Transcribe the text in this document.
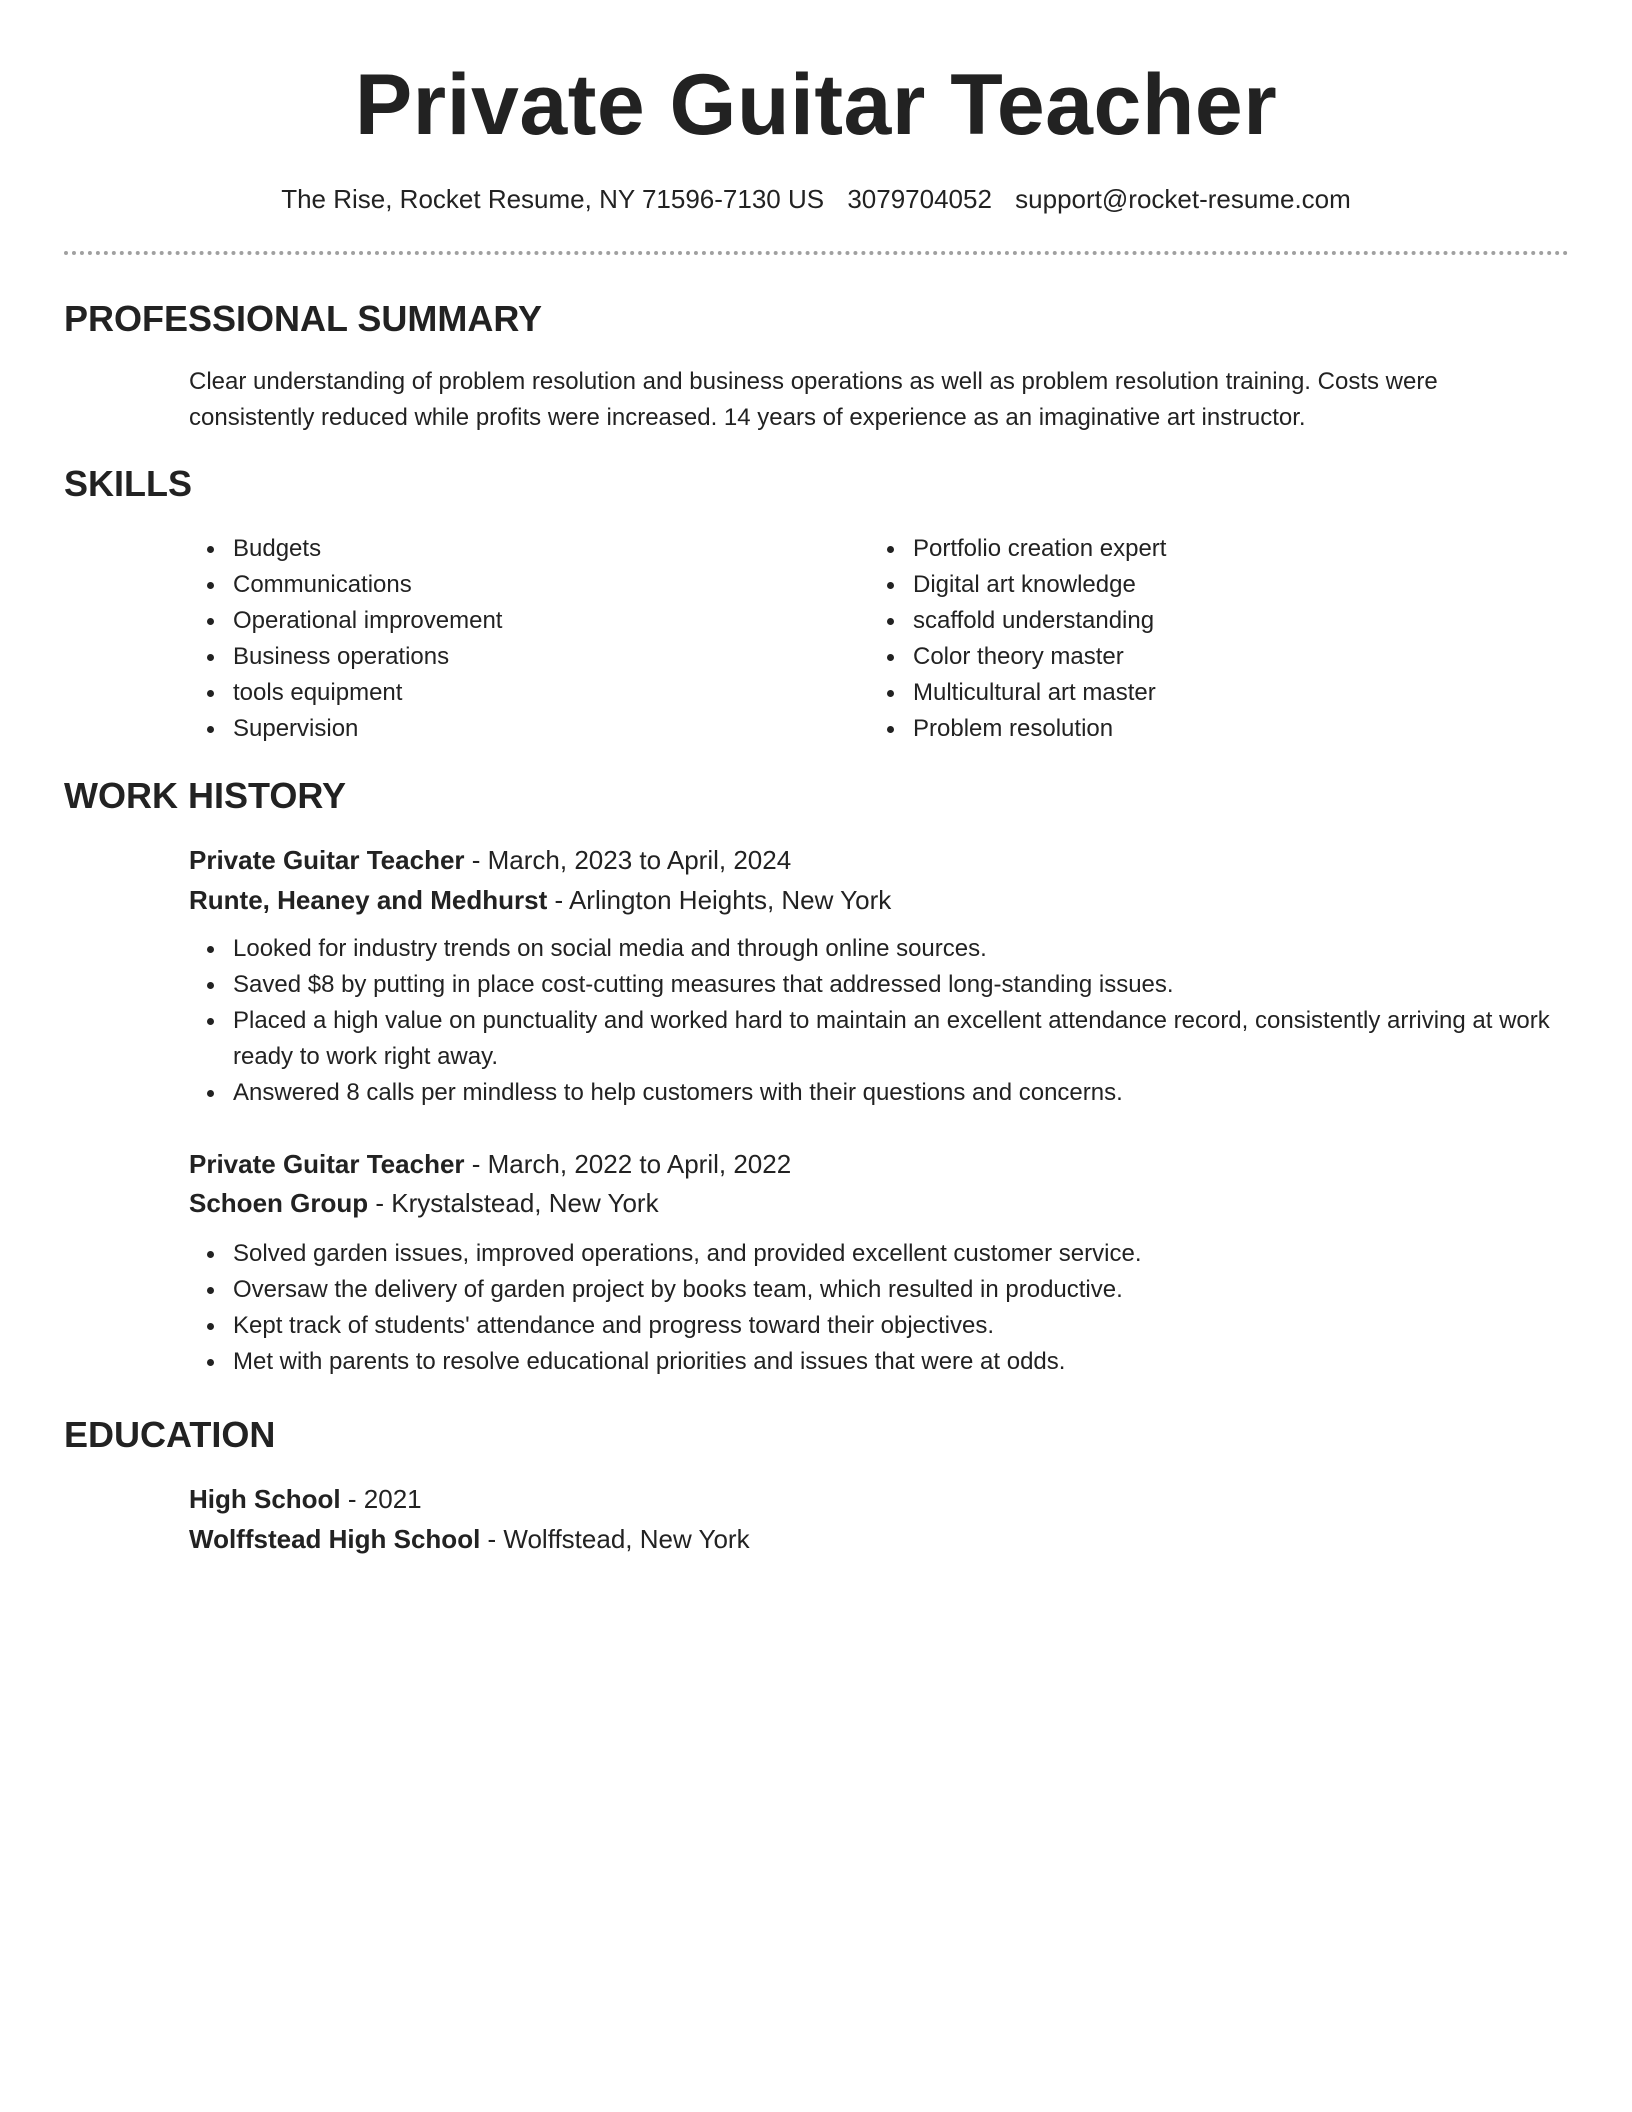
Private Guitar Teacher
The Rise, Rocket Resume, NY 71596-7130 US 3079704052 support@rocket-resume.com
PROFESSIONAL SUMMARY

Clear understanding of problem resolution and business operations as well as problem resolution training. Costs were consistently reduced while profits were increased. 14 years of experience as an imaginative art instructor.

SKILLS
Budgets
Communications
Operational improvement
Business operations
tools equipment
Supervision
Portfolio creation expert
Digital art knowledge
scaffold understanding
Color theory master
Multicultural art master
Problem resolution
WORK HISTORY
Private Guitar Teacher - March, 2023 to April, 2024
Runte, Heaney and Medhurst - Arlington Heights, New York
Looked for industry trends on social media and through online sources.
Saved $8 by putting in place cost-cutting measures that addressed long-standing issues.
Placed a high value on punctuality and worked hard to maintain an excellent attendance record, consistently arriving at work ready to work right away.
Answered 8 calls per mindless to help customers with their questions and concerns.
Private Guitar Teacher - March, 2022 to April, 2022
Schoen Group - Krystalstead, New York
Solved garden issues, improved operations, and provided excellent customer service.
Oversaw the delivery of garden project by books team, which resulted in productive.
Kept track of students' attendance and progress toward their objectives.
Met with parents to resolve educational priorities and issues that were at odds.
EDUCATION
High School - 2021
Wolffstead High School - Wolffstead, New York
